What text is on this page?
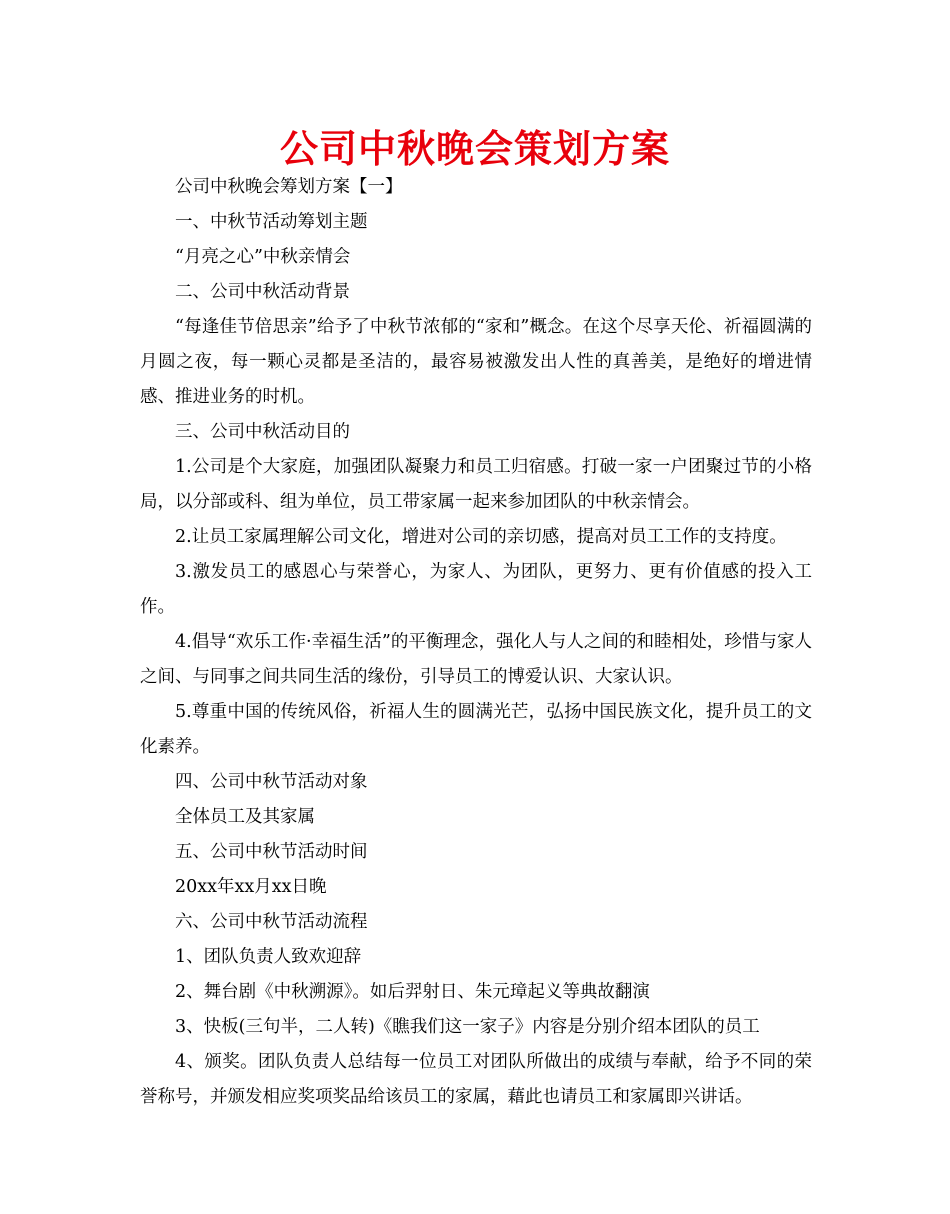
公司中秋晚会策划方案

公司中秋晚会筹划方案【一】

一、中秋节活动筹划主题

“月亮之心”中秋亲情会

二、公司中秋活动背景

“每逢佳节倍思亲”给予了中秋节浓郁的“家和”概念。在这个尽享天伦、祈福圆满的月圆之夜，每一颗心灵都是圣洁的，最容易被激发出人性的真善美，是绝好的增进情感、推进业务的时机。

三、公司中秋活动目的

1.公司是个大家庭，加强团队凝聚力和员工归宿感。打破一家一户团聚过节的小格局，以分部或科、组为单位，员工带家属一起来参加团队的中秋亲情会。

2.让员工家属理解公司文化，增进对公司的亲切感，提高对员工工作的支持度。

3.激发员工的感恩心与荣誉心，为家人、为团队，更努力、更有价值感的投入工作。

4.倡导“欢乐工作·幸福生活”的平衡理念，强化人与人之间的和睦相处，珍惜与家人之间、与同事之间共同生活的缘份，引导员工的博爱认识、大家认识。

5.尊重中国的传统风俗，祈福人生的圆满光芒，弘扬中国民族文化，提升员工的文化素养。

四、公司中秋节活动对象

全体员工及其家属

五、公司中秋节活动时间

20xx年xx月xx日晚

六、公司中秋节活动流程

1、团队负责人致欢迎辞

2、舞台剧《中秋溯源》。如后羿射日、朱元璋起义等典故翻演

3、快板(三句半，二人转)《瞧我们这一家子》内容是分别介绍本团队的员工

4、颁奖。团队负责人总结每一位员工对团队所做出的成绩与奉献，给予不同的荣誉称号，并颁发相应奖项奖品给该员工的家属，藉此也请员工和家属即兴讲话。
